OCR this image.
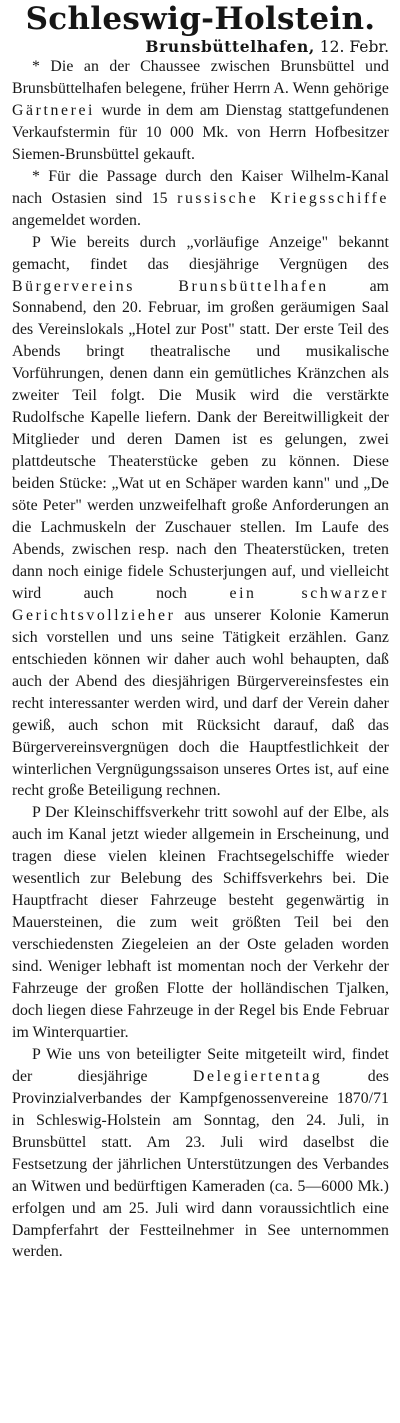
Schleswig-Holstein.
Brunsbüttelhafen, 12. Febr.

* Die an der Chaussee zwischen Brunsbüttel und Brunsbüttelhafen belegene, früher Herrn A. Wenn gehörige Gärtnerei wurde in dem am Dienstag stattgefundenen Verkaufstermin für 10 000 Mk. von Herrn Hofbesitzer Siemen-Brunsbüttel gekauft.

* Für die Passage durch den Kaiser Wilhelm-Kanal nach Ostasien sind 15 russische Kriegsschiffe angemeldet worden.

P Wie bereits durch „vorläufige Anzeige" bekannt gemacht, findet das diesjährige Vergnügen des Bürgervereins Brunsbüttelhafen am Sonnabend, den 20. Februar, im großen geräumigen Saal des Vereinslokals „Hotel zur Post" statt. Der erste Teil des Abends bringt theatralische und musikalische Vorführungen, denen dann ein gemütliches Kränzchen als zweiter Teil folgt. Die Musik wird die verstärkte Rudolfsche Kapelle liefern. Dank der Bereitwilligkeit der Mitglieder und deren Damen ist es gelungen, zwei plattdeutsche Theaterstücke geben zu können. Diese beiden Stücke: „Wat ut en Schäper warden kann" und „De söte Peter" werden unzweifelhaft große Anforderungen an die Lachmuskeln der Zuschauer stellen. Im Laufe des Abends, zwischen resp. nach den Theaterstücken, treten dann noch einige fidele Schusterjungen auf, und vielleicht wird auch noch ein schwarzer Gerichtsvollzieher aus unserer Kolonie Kamerun sich vorstellen und uns seine Tätigkeit erzählen. Ganz entschieden können wir daher auch wohl behaupten, daß auch der Abend des diesjährigen Bürgervereinsfestes ein recht interessanter werden wird, und darf der Verein daher gewiß, auch schon mit Rücksicht darauf, daß das Bürgervereinsvergnügen doch die Hauptfestlichkeit der winterlichen Vergnügungssaison unseres Ortes ist, auf eine recht große Beteiligung rechnen.

P Der Kleinschiffsverkehr tritt sowohl auf der Elbe, als auch im Kanal jetzt wieder allgemein in Erscheinung, und tragen diese vielen kleinen Frachtsegelschiffe wieder wesentlich zur Belebung des Schiffsverkehrs bei. Die Hauptfracht dieser Fahrzeuge besteht gegenwärtig in Mauersteinen, die zum weit größten Teil bei den verschiedensten Ziegeleien an der Oste geladen worden sind. Weniger lebhaft ist momentan noch der Verkehr der Fahrzeuge der großen Flotte der holländischen Tjalken, doch liegen diese Fahrzeuge in der Regel bis Ende Februar im Winterquartier.

P Wie uns von beteiligter Seite mitgeteilt wird, findet der diesjährige Delegiertentag des Provinzialverbandes der Kampfgenossenvereine 1870/71 in Schleswig-Holstein am Sonntag, den 24. Juli, in Brunsbüttel statt. Am 23. Juli wird daselbst die Festsetzung der jährlichen Unterstützungen des Verbandes an Witwen und bedürftigen Kameraden (ca. 5—6000 Mk.) erfolgen und am 25. Juli wird dann voraussichtlich eine Dampferfahrt der Festteilnehmer in See unternommen werden.
